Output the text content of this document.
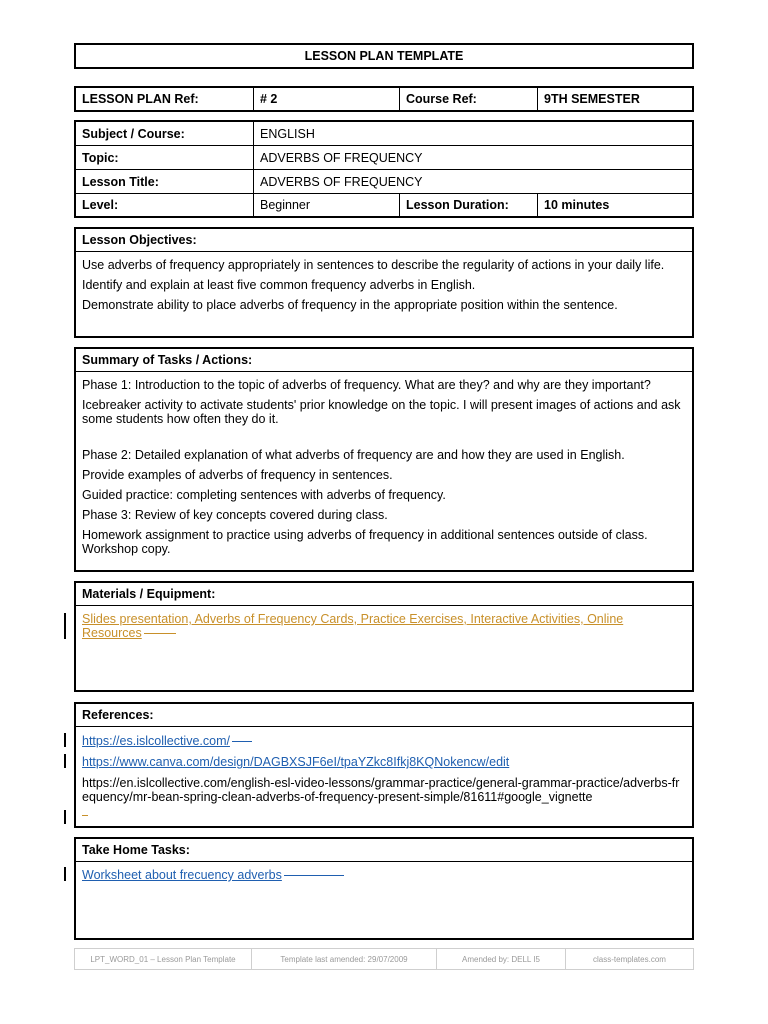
LESSON PLAN TEMPLATE
LESSON PLAN Ref:	# 2	Course Ref:	9TH SEMESTER
Subject / Course:	ENGLISH
Topic:	ADVERBS OF FREQUENCY
Lesson Title:	ADVERBS OF FREQUENCY
Level:	Beginner	Lesson Duration:	10 minutes
Lesson Objectives:

Use adverbs of frequency appropriately in sentences to describe the regularity of actions in your daily life.

Identify and explain at least five common frequency adverbs in English.

Demonstrate ability to place adverbs of frequency in the appropriate position within the sentence.

Summary of Tasks / Actions:

Phase 1: Introduction to the topic of adverbs of frequency. What are they? and why are they important?

Icebreaker activity to activate students' prior knowledge on the topic. I will present images of actions and ask some students how often they do it.

Phase 2: Detailed explanation of what adverbs of frequency are and how they are used in English.

Provide examples of adverbs of frequency in sentences.

Guided practice: completing sentences with adverbs of frequency.

Phase 3: Review of key concepts covered during class.

Homework assignment to practice using adverbs of frequency in additional sentences outside of class. Workshop copy.

Materials / Equipment:

Slides presentation, Adverbs of Frequency Cards, Practice Exercises, Interactive Activities, Online Resources

References:

https://es.islcollective.com/

https://www.canva.com/design/DAGBXSJF6eI/tpaYZkc8Ifkj8KQNokencw/edit

https://en.islcollective.com/english-esl-video-lessons/grammar-practice/general-grammar-practice/adverbs-frequency/mr-bean-spring-clean-adverbs-of-frequency-present-simple/81611#google_vignette

Take Home Tasks:

Worksheet about frecuency adverbs

LPT_WORD_01 – Lesson Plan Template	Template last amended: 29/07/2009	Amended by: DELL I5	class-templates.com
